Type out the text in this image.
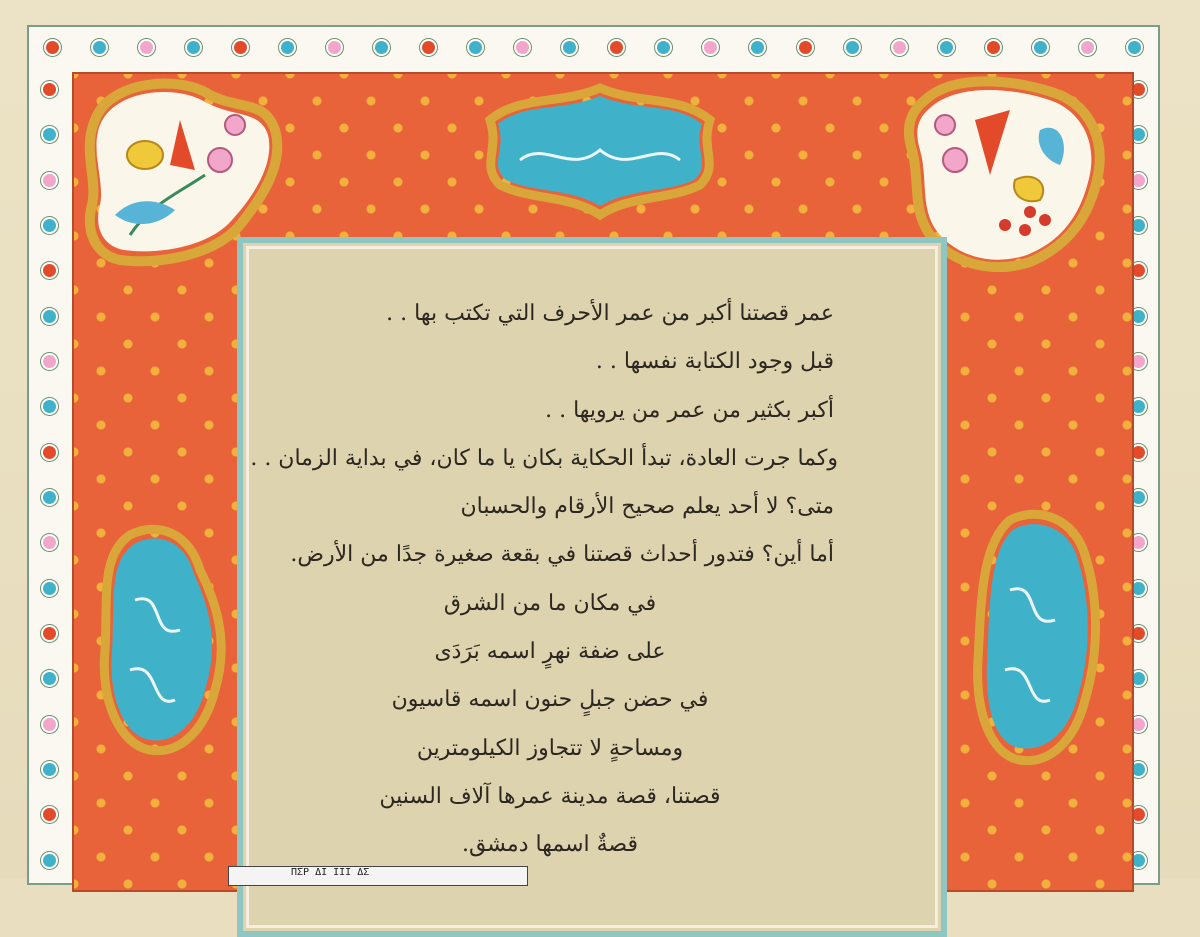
عمر قصتنا أكبر من عمر الأحرف التي تكتب بها . .
قبل وجود الكتابة نفسها . .
أكبر بكثير من عمر من يرويها . .
وكما جرت العادة، تبدأ الحكاية بكان يا ما كان، في بداية الزمان . .
متى؟ لا أحد يعلم صحيح الأرقام والحسبان
أما أين؟ فتدور أحداث قصتنا في بقعة صغيرة جدًا من الأرض.
في مكان ما من الشرق
على ضفة نهرٍ اسمه بَرَدَى
في حضن جبلٍ حنون اسمه قاسيون
ومساحةٍ لا تتجاوز الكيلومترين
قصتنا، قصة مدينة عمرها آلاف السنين
قصةٌ اسمها دمشق.
ΠΣΡ ΔΙ ΙΙΙ ΔΣ
